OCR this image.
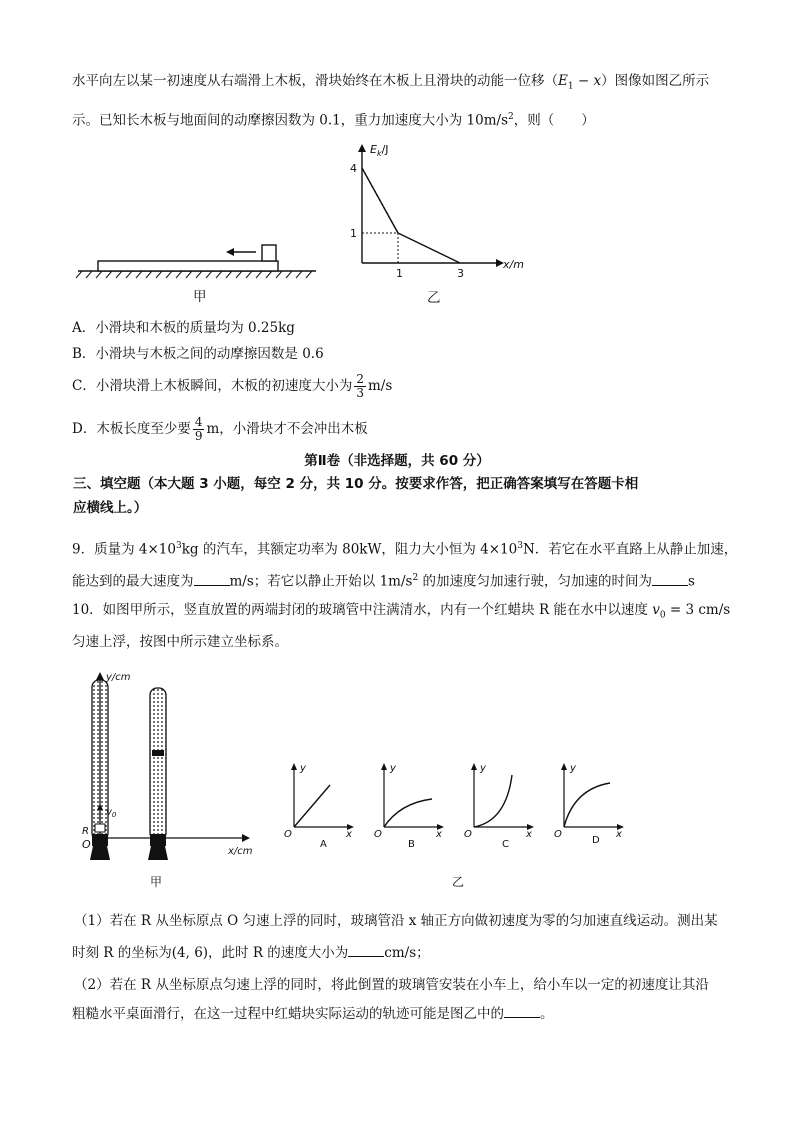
水平向左以某一初速度从右端滑上木板，滑块始终在木板上且滑块的动能一位移$(E_1 - x)$图像如图乙所示
示。已知长木板与地面间的动摩擦因数为 0.1，重力加速度大小为 $10m/s^2$，则（　　）
甲
$E_k/J$
x/m
4
1
1	3
乙
A．小滑块和木板的质量均为 0.25kg
B．小滑块与木板之间的动摩擦因数是 0.6
C．小滑块滑上木板瞬间，木板的初速度大小为 $\frac{2}{3} m/s$
D．木板长度至少要 $\frac{4}{9}$ m，小滑块才不会冲出木板
第Ⅱ卷（非选择题，共 60 分）
三、填空题（本大题 3 小题，每空 2 分，共 10 分。按要求作答，把正确答案填写在答题卡相
应横线上。）
9．质量为 $4\times 10^3kg$ 的汽车，其额定功率为 80kW，阻力大小恒为 $4\times 10^3N$．若它在水平直路上从静止加速，
能达到的最大速度为	m/s；若它以静止开始以 $1m/s^2$ 的加速度匀加速行驶，匀加速的时间为	s
10．如图甲所示，竖直放置的两端封闭的玻璃管中注满清水，内有一个红蜡块 R 能在水中以速度 $v_0 = 3$ cm/s
匀速上浮，按图中所示建立坐标系。
y/cm
x/cm
O
R
$v_0$
甲
y
x
O
A
y
x
O
B
y
x
O
C
y
x
O
D
乙
（1）若在 R 从坐标原点 O 匀速上浮的同时，玻璃管沿 x 轴正方向做初速度为零的匀加速直线运动。测出某
时刻 R 的坐标为(4, 6)，此时 R 的速度大小为	cm/s；
（2）若在 R 从坐标原点匀速上浮的同时，将此倒置的玻璃管安装在小车上，给小车以一定的初速度让其沿
粗糙水平桌面滑行，在这一过程中红蜡块实际运动的轨迹可能是图乙中的	。
